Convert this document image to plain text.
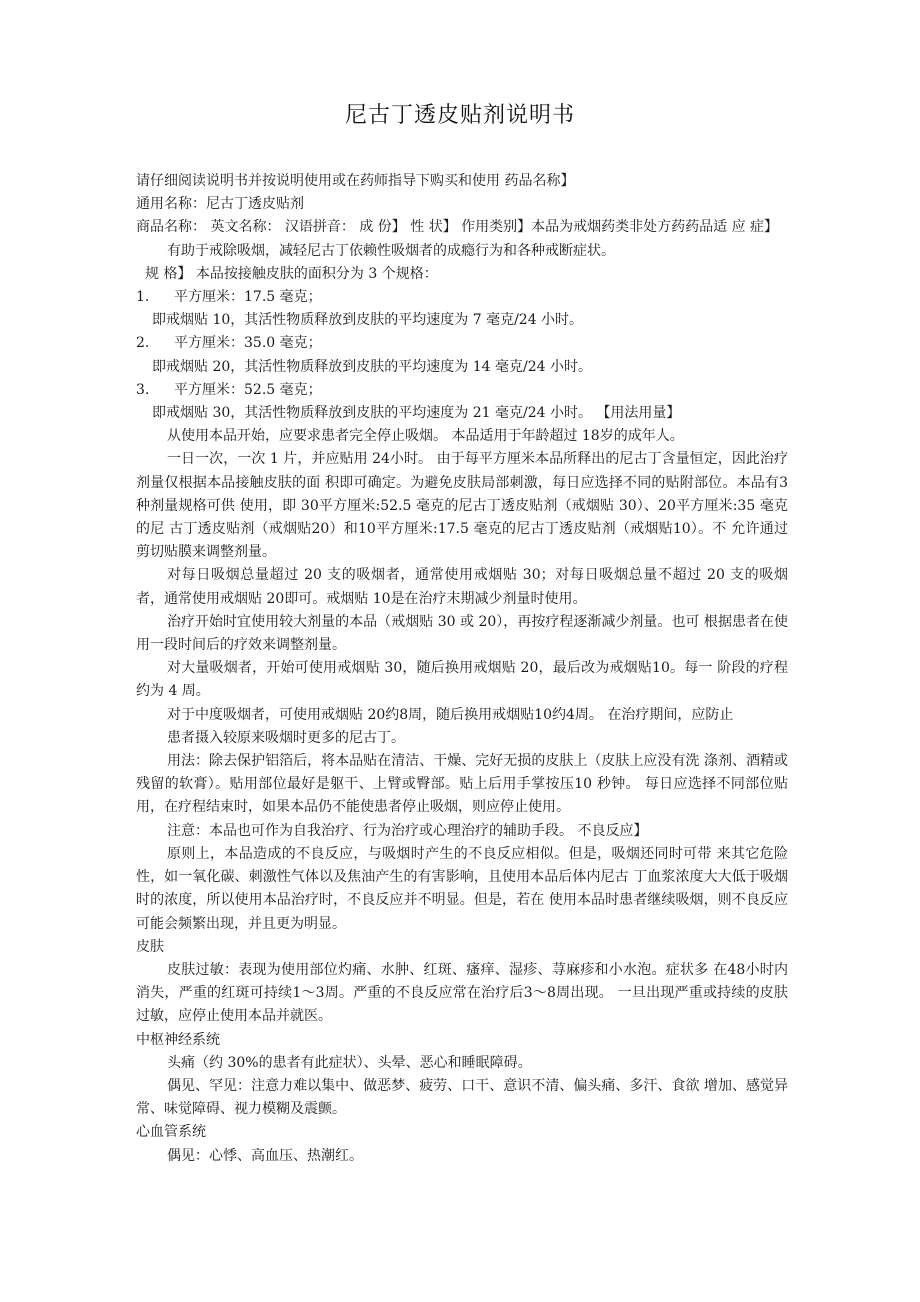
尼古丁透皮贴剂说明书

请仔细阅读说明书并按说明使用或在药师指导下购买和使用 药品名称】

通用名称：尼古丁透皮贴剂

商品名称： 英文名称： 汉语拼音： 成 份】 性 状】 作用类别】本品为戒烟药类非处方药药品适 应 症】

有助于戒除吸烟，减轻尼古丁依赖性吸烟者的成瘾行为和各种戒断症状。

规 格】 本品按接触皮肤的面积分为 3 个规格：

1.	平方厘米：17.5 毫克；

即戒烟贴 10，其活性物质释放到皮肤的平均速度为 7 毫克/24 小时。

2.	平方厘米：35.0 毫克；

即戒烟贴 20，其活性物质释放到皮肤的平均速度为 14 毫克/24 小时。

3.	平方厘米：52.5 毫克；

即戒烟贴 30，其活性物质释放到皮肤的平均速度为 21 毫克/24 小时。 【用法用量】

从使用本品开始，应要求患者完全停止吸烟。 本品适用于年龄超过 18岁的成年人。

一日一次，一次 1 片，并应贴用 24小时。 由于每平方厘米本品所释出的尼古丁含量恒定，因此治疗剂量仅根据本品接触皮肤的面 积即可确定。为避免皮肤局部刺激，每日应选择不同的贴附部位。本品有3 种剂量规格可供 使用，即 30平方厘米:52.5 毫克的尼古丁透皮贴剂（戒烟贴 30）、20平方厘米:35 毫克的尼 古丁透皮贴剂（戒烟贴20）和10平方厘米:17.5 毫克的尼古丁透皮贴剂（戒烟贴10）。不 允许通过剪切贴膜来调整剂量。

对每日吸烟总量超过 20 支的吸烟者，通常使用戒烟贴 30；对每日吸烟总量不超过 20 支的吸烟者，通常使用戒烟贴 20即可。戒烟贴 10是在治疗末期减少剂量时使用。

治疗开始时宜使用较大剂量的本品（戒烟贴 30 或 20），再按疗程逐渐减少剂量。也可 根据患者在使用一段时间后的疗效来调整剂量。

对大量吸烟者，开始可使用戒烟贴 30，随后换用戒烟贴 20，最后改为戒烟贴10。每一 阶段的疗程约为 4 周。

对于中度吸烟者，可使用戒烟贴 20约8周，随后换用戒烟贴10约4周。 在治疗期间，应防止

患者摄入较原来吸烟时更多的尼古丁。

用法：除去保护铝箔后，将本品贴在清洁、干燥、完好无损的皮肤上（皮肤上应没有洗 涤剂、酒精或残留的软膏）。贴用部位最好是躯干、上臂或臀部。贴上后用手掌按压10 秒钟。 每日应选择不同部位贴用，在疗程结束时，如果本品仍不能使患者停止吸烟，则应停止使用。

注意：本品也可作为自我治疗、行为治疗或心理治疗的辅助手段。 不良反应】

原则上，本品造成的不良反应，与吸烟时产生的不良反应相似。但是，吸烟还同时可带 来其它危险性，如一氧化碳、刺激性气体以及焦油产生的有害影响，且使用本品后体内尼古 丁血浆浓度大大低于吸烟时的浓度，所以使用本品治疗时，不良反应并不明显。但是，若在 使用本品时患者继续吸烟，则不良反应可能会频繁出现，并且更为明显。

皮肤

皮肤过敏：表现为使用部位灼痛、水肿、红斑、瘙痒、湿疹、荨麻疹和小水泡。症状多 在48小时内消失，严重的红斑可持续1～3周。严重的不良反应常在治疗后3～8周出现。 一旦出现严重或持续的皮肤过敏，应停止使用本品并就医。

中枢神经系统

头痛（约 30%的患者有此症状）、头晕、恶心和睡眠障碍。

偶见、罕见：注意力难以集中、做恶梦、疲劳、口干、意识不清、偏头痛、多汗、食欲 增加、感觉异常、味觉障碍、视力模糊及震颤。

心血管系统

偶见：心悸、高血压、热潮红。
